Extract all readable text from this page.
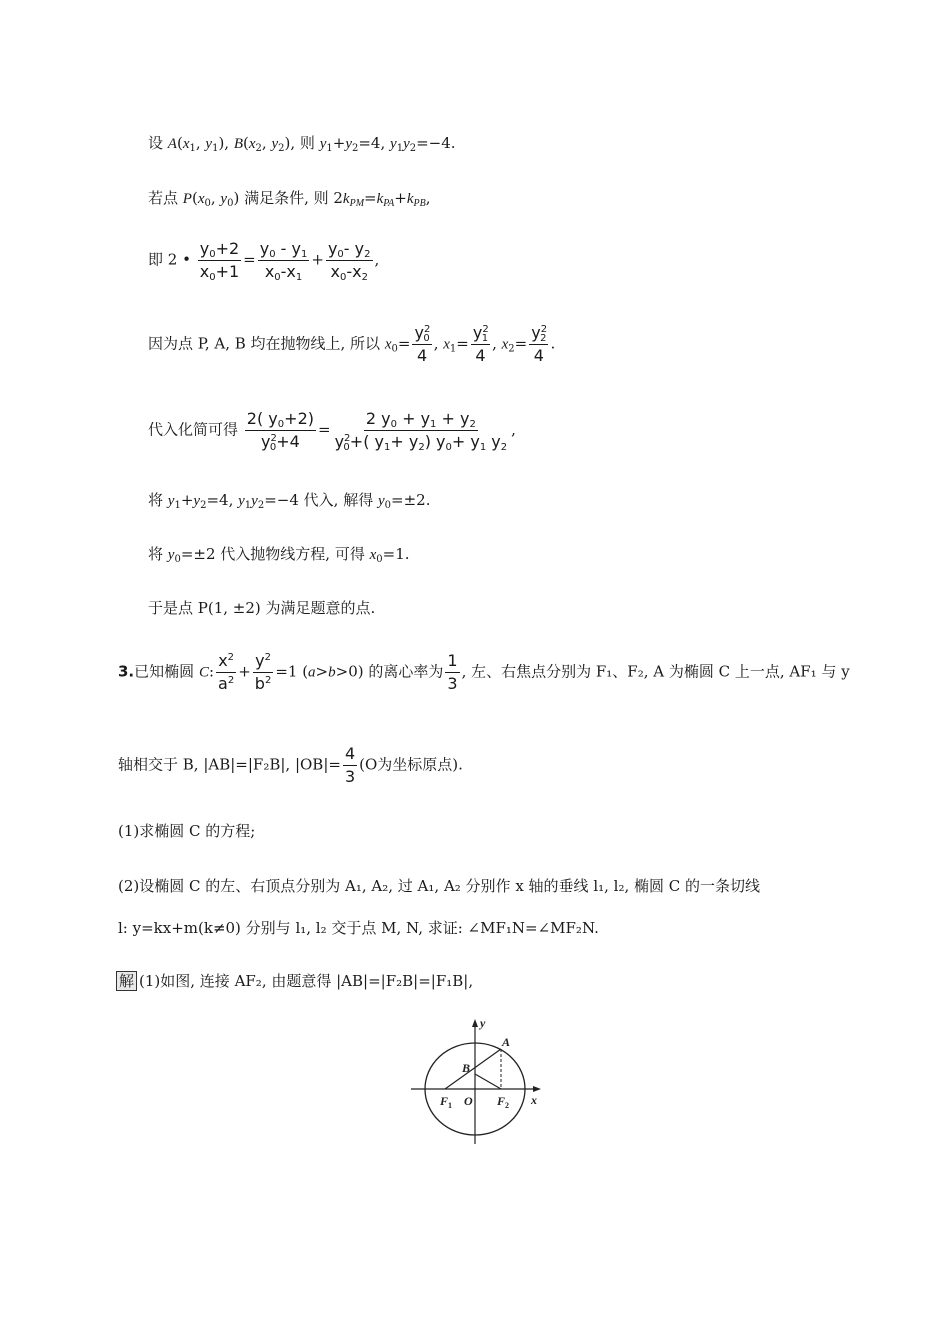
设 $A(x_1$, $y_1$), $B(x_2$, $y_2$), 则 $y_1+y_2=4$, $y_1y_2=-4$.
若点 $P(x_0$, $y_0$) 满足条件, 则 $2k_{PM}=k_{PA}+k_{PB}$,
即 2 • $\frac{y_0+2}{x_0+1} = \frac{y_0 - y_1}{x_0-x_1} + \frac{y_0- y_2}{x_0-x_2}$ ,
因为点 P, A, B 均在抛物线上, 所以 $x_0= \frac{y^2_0}{4}$ , $x_1= \frac{y^2_1}{4}$ , $x_2= \frac{y^2_2}{4}$ .
代入化简可得 $\frac{2( y_0+2)}{y^2_0+4} = \frac{2 y_0 + y_1 + y_2}{y^2_0+( y_1+ y_2) y_0+ y_1 y_2}$ ,
将 $y_1+y_2=4$, $y_1y_2=-4$ 代入, 解得 $y_0=\pm 2$.
将 $y_0=\pm 2$ 代入抛物线方程, 可得 $x_0=1$.
于是点 P(1, ±2) 为满足题意的点.
3.已知椭圆 C: $\frac{x^2}{a^2} + \frac{y^2}{b^2} =1$ (a>b>0) 的离心率为 $\frac{1}{3}$ , 左、右焦点分别为 F₁、F₂, A 为椭圆 C 上一点, AF₁ 与 y
轴相交于 B, |AB|=|F₂B|, $|OB|= \frac{4}{3} (O$为坐标原点).
(1)求椭圆 C 的方程;
(2)设椭圆 C 的左、右顶点分别为 A₁, A₂, 过 A₁, A₂ 分别作 x 轴的垂线 l₁, l₂, 椭圆 C 的一条切线
l: y=kx+m(k≠0) 分别与 l₁, l₂ 交于点 M, N, 求证: ∠MF₁N=∠MF₂N.
解 (1)如图, 连接 AF₂, 由题意得 |AB|=|F₂B|=|F₁B|,
y
x
A
B
O
$F_1$	$F_2$
